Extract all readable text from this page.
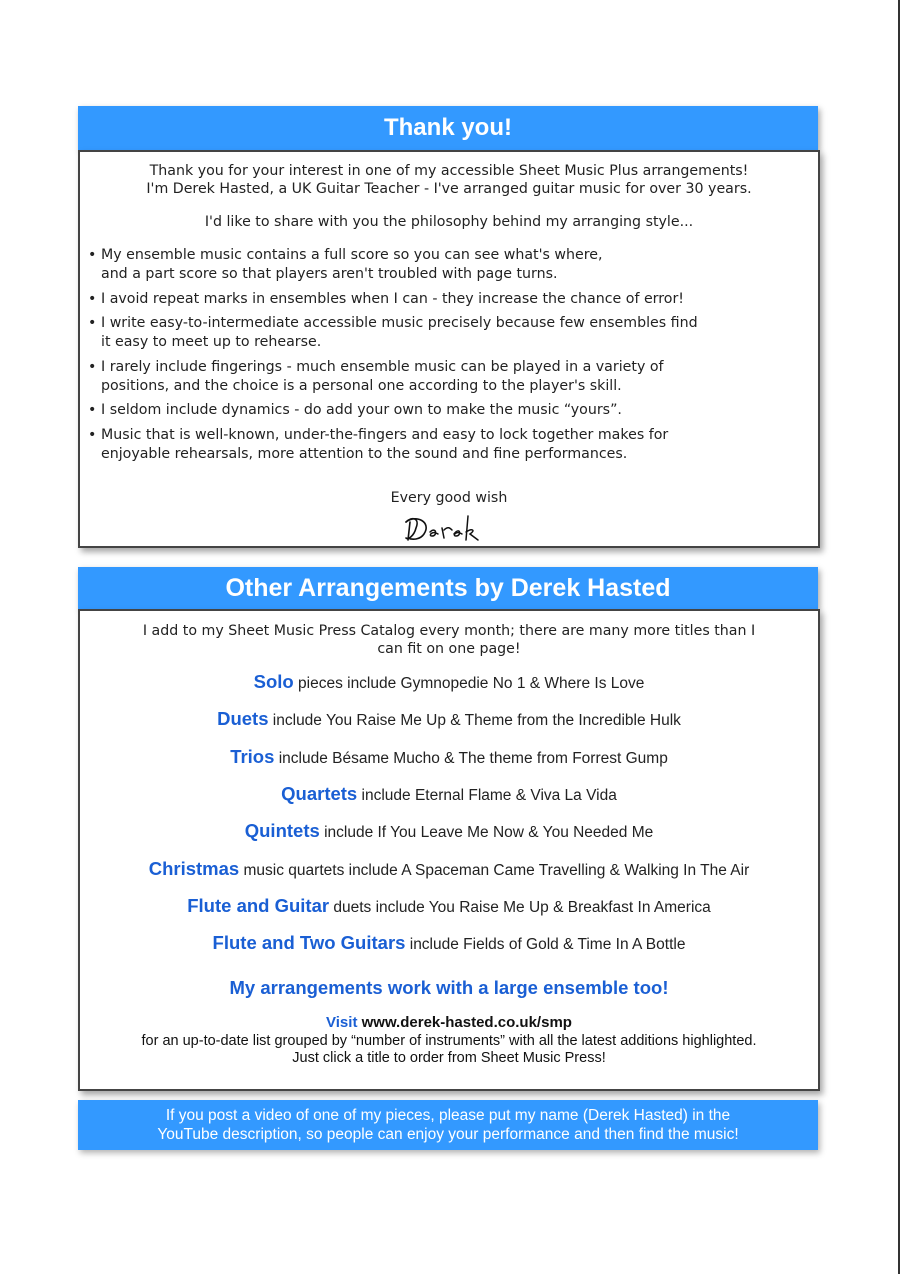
Thank you!
Thank you for your interest in one of my accessible Sheet Music Plus arrangements!
I'm Derek Hasted, a UK Guitar Teacher - I've arranged guitar music for over 30 years.
I'd like to share with you the philosophy behind my arranging style...
• My ensemble music contains a full score so you can see what's where,
and a part score so that players aren't troubled with page turns.
• I avoid repeat marks in ensembles when I can - they increase the chance of error!
• I write easy-to-intermediate accessible music precisely because few ensembles find
it easy to meet up to rehearse.
• I rarely include fingerings - much ensemble music can be played in a variety of
positions, and the choice is a personal one according to the player's skill.
• I seldom include dynamics - do add your own to make the music “yours”.
• Music that is well-known, under-the-fingers and easy to lock together makes for
enjoyable rehearsals, more attention to the sound and fine performances.
Every good wish
Other Arrangements by Derek Hasted
I add to my Sheet Music Press Catalog every month; there are many more titles than I
can fit on one page!
Solo pieces include Gymnopedie No 1 & Where Is Love
Duets include You Raise Me Up & Theme from the Incredible Hulk
Trios include Bésame Mucho & The theme from Forrest Gump
Quartets include Eternal Flame & Viva La Vida
Quintets include If You Leave Me Now & You Needed Me
Christmas music quartets include A Spaceman Came Travelling & Walking In The Air
Flute and Guitar duets include You Raise Me Up & Breakfast In America
Flute and Two Guitars include Fields of Gold & Time In A Bottle
My arrangements work with a large ensemble too!
Visit www.derek-hasted.co.uk/smp
for an up-to-date list grouped by “number of instruments” with all the latest additions highlighted.
Just click a title to order from Sheet Music Press!
If you post a video of one of my pieces, please put my name (Derek Hasted) in the
YouTube description, so people can enjoy your performance and then find the music!
